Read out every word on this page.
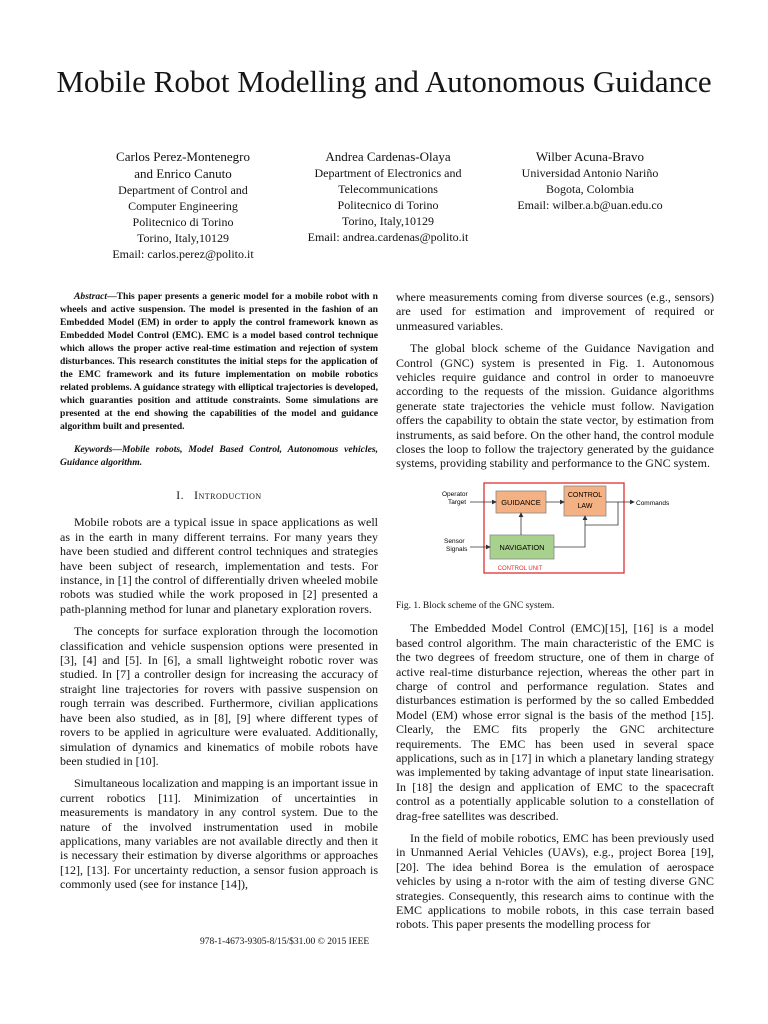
Mobile Robot Modelling and Autonomous Guidance
Carlos Perez-Montenegro
and Enrico Canuto
Department of Control and
Computer Engineering
Politecnico di Torino
Torino, Italy,10129
Email: carlos.perez@polito.it
Andrea Cardenas-Olaya
Department of Electronics and
Telecommunications
Politecnico di Torino
Torino, Italy,10129
Email: andrea.cardenas@polito.it
Wilber Acuna-Bravo
Universidad Antonio Nariño
Bogota, Colombia
Email: wilber.a.b@uan.edu.co
Abstract—This paper presents a generic model for a mobile robot with n wheels and active suspension. The model is presented in the fashion of an Embedded Model (EM) in order to apply the control framework known as Embedded Model Control (EMC). EMC is a model based control technique which allows the proper active real-time estimation and rejection of system disturbances. This research constitutes the initial steps for the application of the EMC framework and its future implementation on mobile robotics related problems. A guidance strategy with elliptical trajectories is developed, which guaranties position and attitude constraints. Some simulations are presented at the end showing the capabilities of the model and guidance algorithm built and presented.
Keywords—Mobile robots, Model Based Control, Autonomous vehicles, Guidance algorithm.
I. Introduction

Mobile robots are a typical issue in space applications as well as in the earth in many different terrains. For many years they have been studied and different control techniques and strategies have been subject of research, implementation and tests. For instance, in [1] the control of differentially driven wheeled mobile robots was studied while the work proposed in [2] presented a path-planning method for lunar and planetary exploration rovers.

The concepts for surface exploration through the locomotion classification and vehicle suspension options were presented in [3], [4] and [5]. In [6], a small lightweight robotic rover was studied. In [7] a controller design for increasing the accuracy of straight line trajectories for rovers with passive suspension on rough terrain was described. Furthermore, civilian applications have been also studied, as in [8], [9] where different types of rovers to be applied in agriculture were evaluated. Additionally, simulation of dynamics and kinematics of mobile robots have been studied in [10].

Simultaneous localization and mapping is an important issue in current robotics [11]. Minimization of uncertainties in measurements is mandatory in any control system. Due to the nature of the involved instrumentation used in mobile applications, many variables are not available directly and then it is necessary their estimation by diverse algorithms or approaches [12], [13]. For uncertainty reduction, a sensor fusion approach is commonly used (see for instance [14]),

where measurements coming from diverse sources (e.g., sensors) are used for estimation and improvement of required or unmeasured variables.

The global block scheme of the Guidance Navigation and Control (GNC) system is presented in Fig. 1. Autonomous vehicles require guidance and control in order to manoeuvre according to the requests of the mission. Guidance algorithms generate state trajectories the vehicle must follow. Navigation offers the capability to obtain the state vector, by estimation from instruments, as said before. On the other hand, the control module closes the loop to follow the trajectory generated by the guidance systems, providing stability and performance to the GNC system.

Operator
Target
Sensor
Signals
GUIDANCE
CONTROL
LAW
NAVIGATION
CONTROL UNIT
Commands

Fig. 1. Block scheme of the GNC system.

The Embedded Model Control (EMC)[15], [16] is a model based control algorithm. The main characteristic of the EMC is the two degrees of freedom structure, one of them in charge of active real-time disturbance rejection, whereas the other part in charge of control and performance regulation. States and disturbances estimation is performed by the so called Embedded Model (EM) whose error signal is the basis of the method [15]. Clearly, the EMC fits properly the GNC architecture requirements. The EMC has been used in several space applications, such as in [17] in which a planetary landing strategy was implemented by taking advantage of input state linearisation. In [18] the design and application of EMC to the spacecraft control as a potentially applicable solution to a constellation of drag-free satellites was described.

In the field of mobile robotics, EMC has been previously used in Unmanned Aerial Vehicles (UAVs), e.g., project Borea [19], [20]. The idea behind Borea is the emulation of aerospace vehicles by using a n-rotor with the aim of testing diverse GNC strategies. Consequently, this research aims to continue with the EMC applications to mobile robots, in this case terrain based robots. This paper presents the modelling process for

978-1-4673-9305-8/15/$31.00 © 2015 IEEE
